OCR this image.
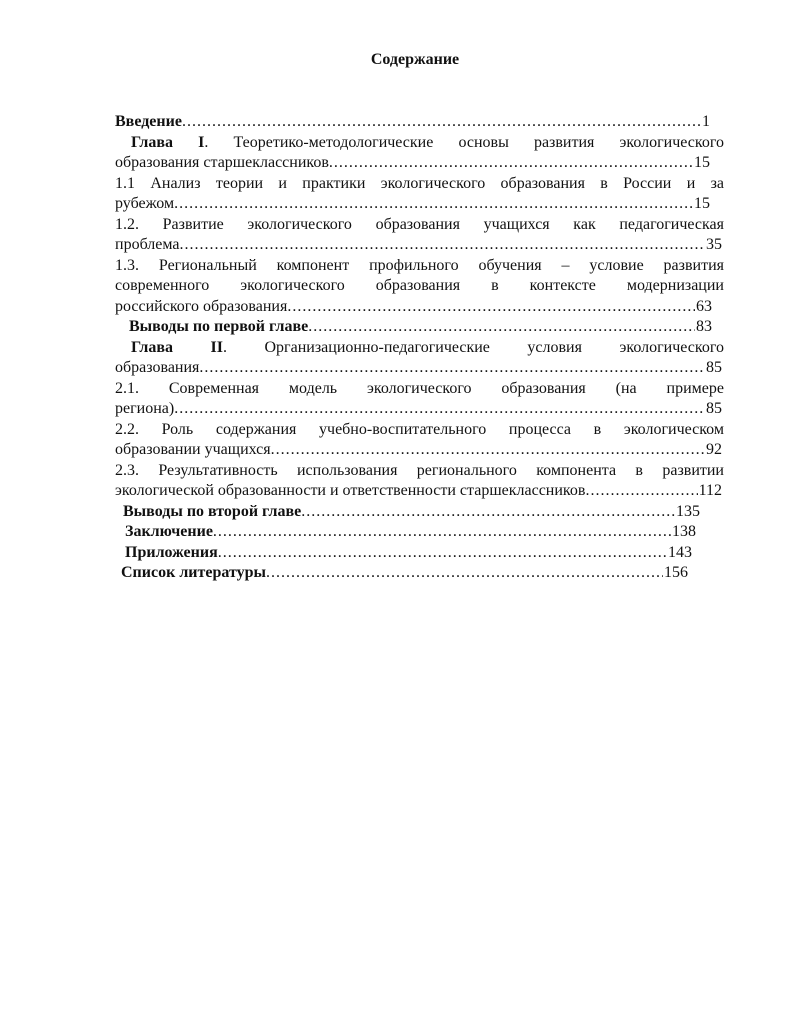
Содержание
Введение .....	1
Глава I. Теоретико-методологические основы развития экологического
образования старшеклассников .....	15
1.1 Анализ теории и практики экологического образования в России и за
рубежом .....	15
1.2. Развитие экологического образования учащихся как педагогическая
проблема .....	35
1.3. Региональный компонент профильного обучения – условие развития
современного экологического образования в контексте модернизации
российского образования .....	63
Выводы по первой главе .....	83
Глава II. Организационно-педагогические условия экологического
образования .....	85
2.1. Современная модель экологического образования (на примере
региона) .....	85
2.2. Роль содержания учебно-воспитательного процесса в экологическом
образовании учащихся .....	92
2.3. Результативность использования регионального компонента в развитии
экологической образованности и ответственности старшеклассников .....	112
Выводы по второй главе .....	135
Заключение .....	138
Приложения .....	143
Список литературы .....	156
